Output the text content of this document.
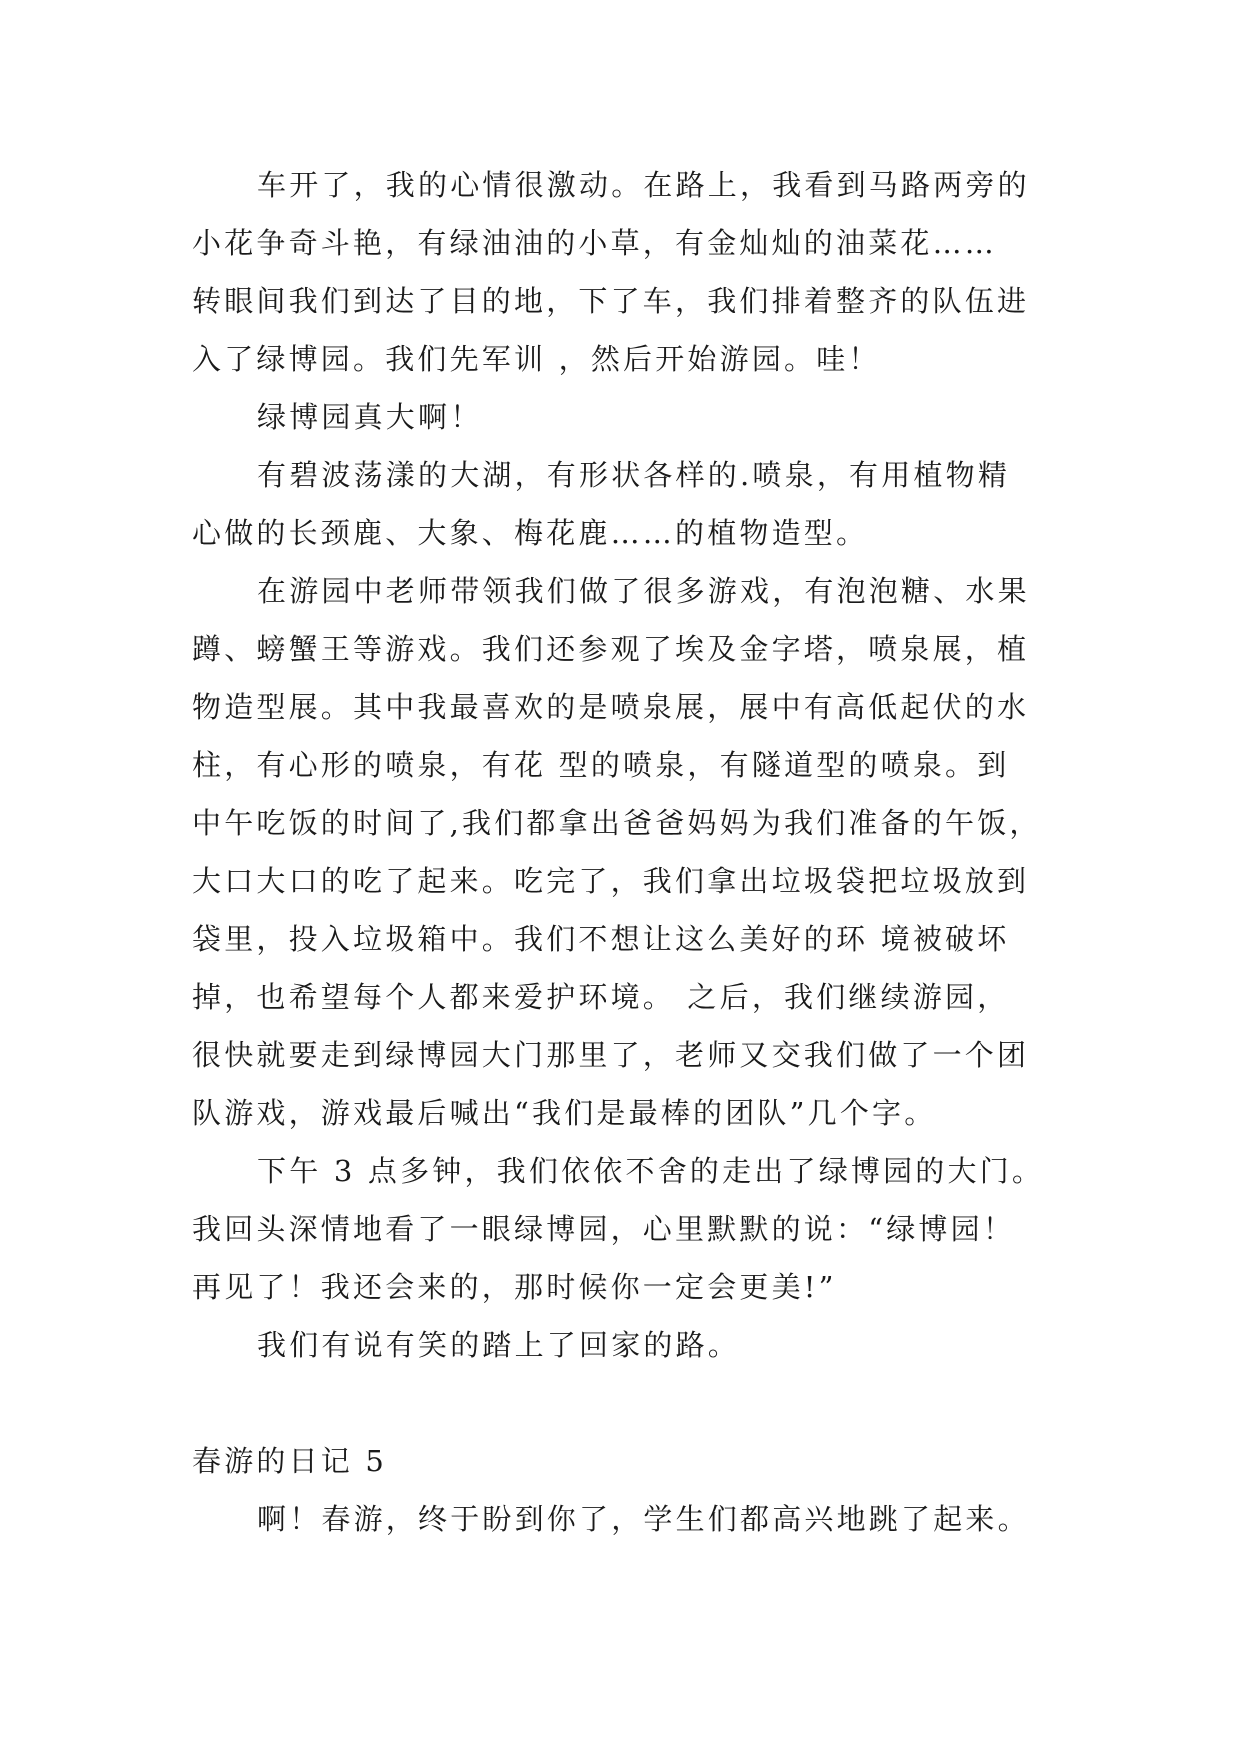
车开了，我的心情很激动。在路上，我看到马路两旁的

小花争奇斗艳，有绿油油的小草，有金灿灿的油菜花……

转眼间我们到达了目的地，下了车，我们排着整齐的队伍进

入了绿博园。我们先军训 ，然后开始游园。哇！

绿博园真大啊！

有碧波荡漾的大湖，有形状各样的.喷泉，有用植物精

心做的长颈鹿、大象、梅花鹿……的植物造型。

在游园中老师带领我们做了很多游戏，有泡泡糖、水果

蹲、螃蟹王等游戏。我们还参观了埃及金字塔，喷泉展，植

物造型展。其中我最喜欢的是喷泉展，展中有高低起伏的水

柱，有心形的喷泉，有花 型的喷泉，有隧道型的喷泉。到

中午吃饭的时间了,我们都拿出爸爸妈妈为我们准备的午饭，

大口大口的吃了起来。吃完了，我们拿出垃圾袋把垃圾放到

袋里，投入垃圾箱中。我们不想让这么美好的环 境被破坏

掉，也希望每个人都来爱护环境。 之后，我们继续游园，

很快就要走到绿博园大门那里了，老师又交我们做了一个团

队游戏，游戏最后喊出“我们是最棒的团队”几个字。

下午 3 点多钟，我们依依不舍的走出了绿博园的大门。

我回头深情地看了一眼绿博园，心里默默的说：“绿博园！

再见了！我还会来的，那时候你一定会更美!”

我们有说有笑的踏上了回家的路。

春游的日记 5

啊！春游，终于盼到你了，学生们都高兴地跳了起来。
